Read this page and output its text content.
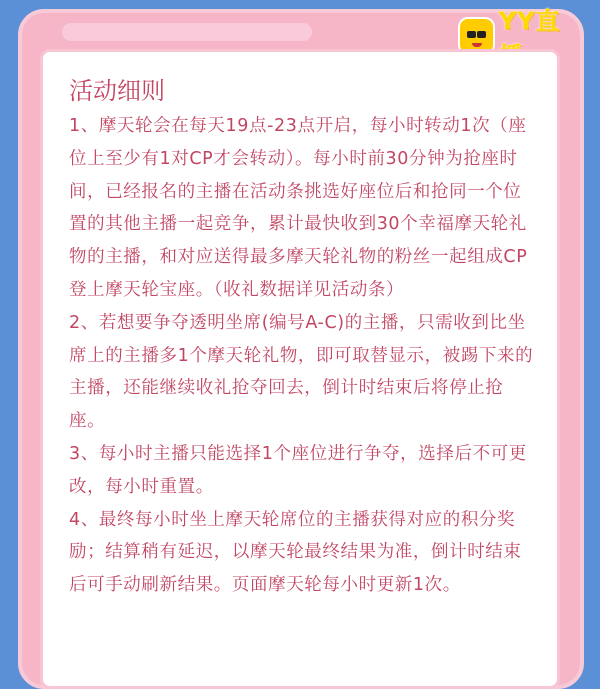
YY直
活动细则

1、摩天轮会在每天19点-23点开启，每小时转动1次（座位上至少有1对CP才会转动）。每小时前30分钟为抢座时间，已经报名的主播在活动条挑选好座位后和抢同一个位置的其他主播一起竞争，累计最快收到30个幸福摩天轮礼物的主播，和对应送得最多摩天轮礼物的粉丝一起组成CP登上摩天轮宝座。（收礼数据详见活动条）

2、若想要争夺透明坐席(编号A-C)的主播，只需收到比坐席上的主播多1个摩天轮礼物，即可取替显示，被踢下来的主播，还能继续收礼抢夺回去，倒计时结束后将停止抢座。

3、每小时主播只能选择1个座位进行争夺，选择后不可更改，每小时重置。

4、最终每小时坐上摩天轮席位的主播获得对应的积分奖励；结算稍有延迟，以摩天轮最终结果为准，倒计时结束后可手动刷新结果。页面摩天轮每小时更新1次。
